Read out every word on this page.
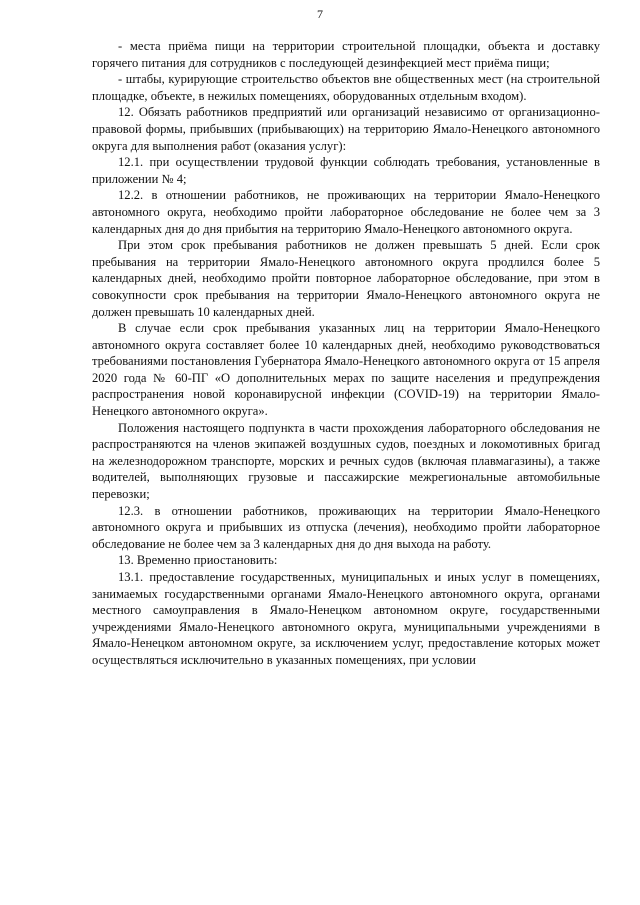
7

- места приёма пищи на территории строительной площадки, объекта и доставку горячего питания для сотрудников с последующей дезинфекцией мест приёма пищи;

- штабы, курирующие строительство объектов вне общественных мест (на строительной площадке, объекте, в нежилых помещениях, оборудованных отдельным входом).

12. Обязать работников предприятий или организаций независимо от организационно-правовой формы, прибывших (прибывающих) на территорию Ямало-Ненецкого автономного округа для выполнения работ (оказания услуг):

12.1. при осуществлении трудовой функции соблюдать требования, установленные в приложении № 4;

12.2. в отношении работников, не проживающих на территории Ямало-Ненецкого автономного округа, необходимо пройти лабораторное обследование не более чем за 3 календарных дня до дня прибытия на территорию Ямало-Ненецкого автономного округа.

При этом срок пребывания работников не должен превышать 5 дней. Если срок пребывания на территории Ямало-Ненецкого автономного округа продлился более 5 календарных дней, необходимо пройти повторное лабораторное обследование, при этом в совокупности срок пребывания на территории Ямало-Ненецкого автономного округа не должен превышать 10 календарных дней.

В случае если срок пребывания указанных лиц на территории Ямало-Ненецкого автономного округа составляет более 10 календарных дней, необходимо руководствоваться требованиями постановления Губернатора Ямало-Ненецкого автономного округа от 15 апреля 2020 года № 60-ПГ «О дополнительных мерах по защите населения и предупреждения распространения новой коронавирусной инфекции (COVID-19) на территории Ямало-Ненецкого автономного округа».

Положения настоящего подпункта в части прохождения лабораторного обследования не распространяются на членов экипажей воздушных судов, поездных и локомотивных бригад на железнодорожном транспорте, морских и речных судов (включая плавмагазины), а также водителей, выполняющих грузовые и пассажирские межрегиональные автомобильные перевозки;

12.3. в отношении работников, проживающих на территории Ямало-Ненецкого автономного округа и прибывших из отпуска (лечения), необходимо пройти лабораторное обследование не более чем за 3 календарных дня до дня выхода на работу.

13. Временно приостановить:

13.1. предоставление государственных, муниципальных и иных услуг в помещениях, занимаемых государственными органами Ямало-Ненецкого автономного округа, органами местного самоуправления в Ямало-Ненецком автономном округе, государственными учреждениями Ямало-Ненецкого автономного округа, муниципальными учреждениями в Ямало-Ненецком автономном округе, за исключением услуг, предоставление которых может осуществляться исключительно в указанных помещениях, при условии
